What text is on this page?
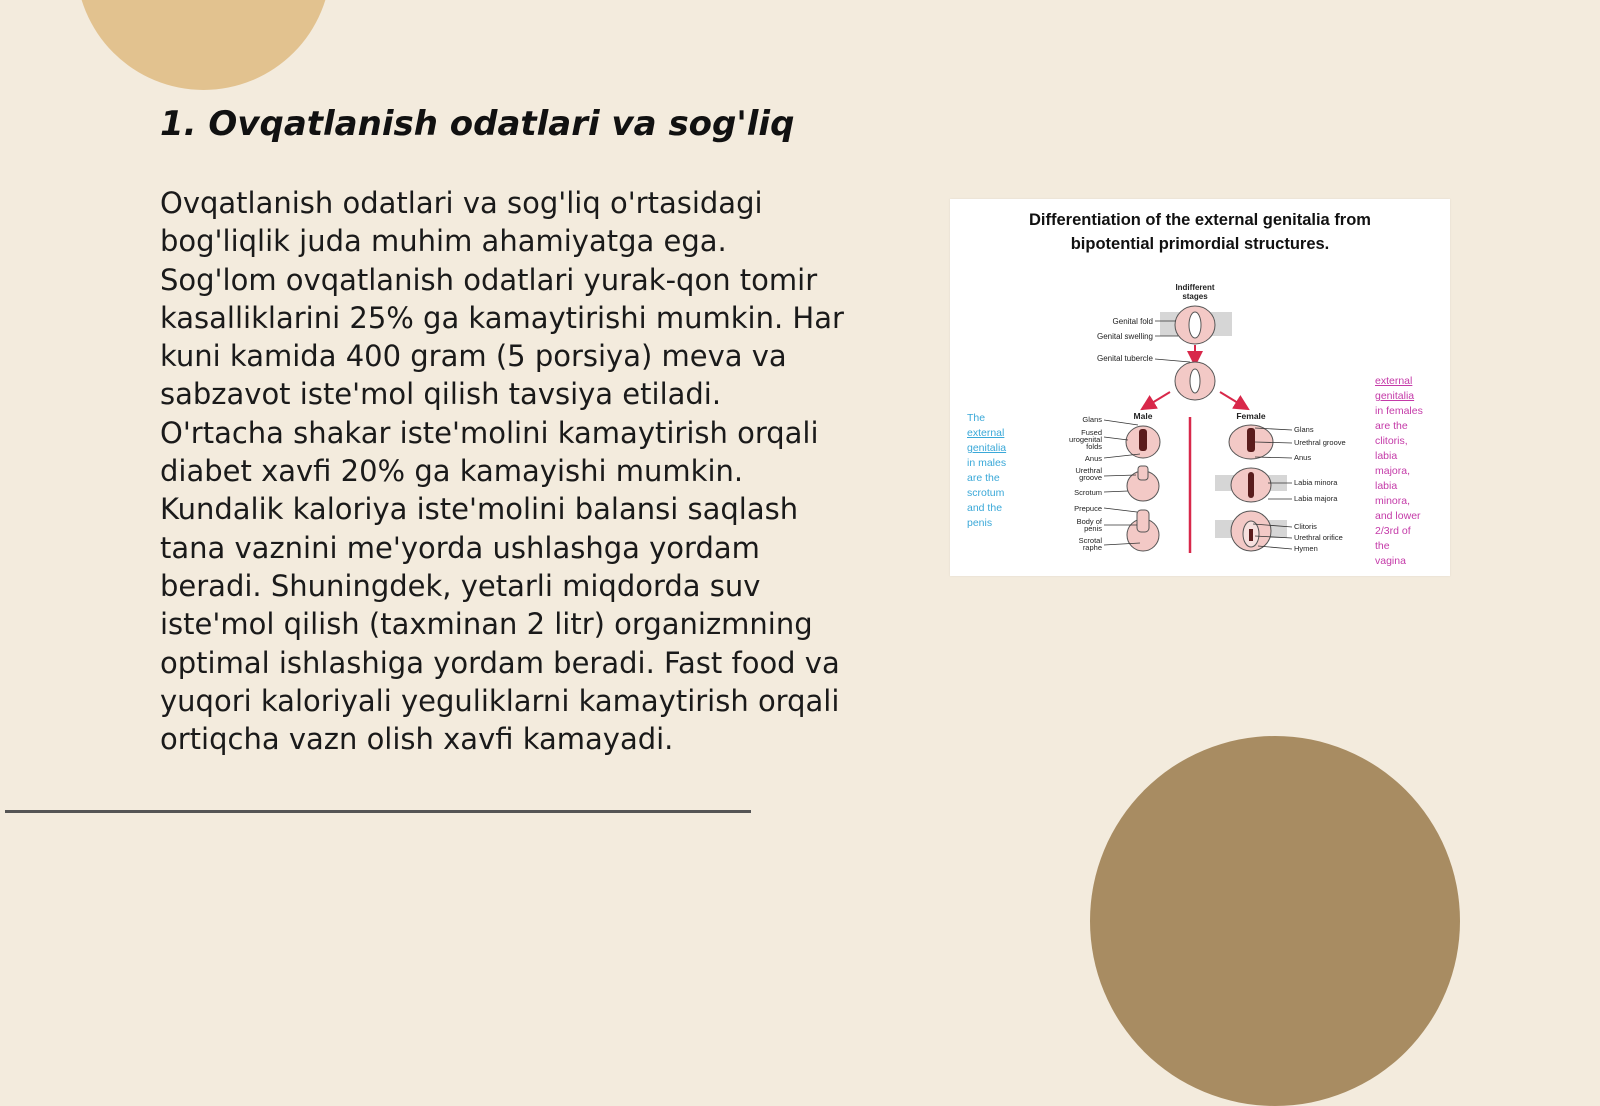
1. Ovqatlanish odatlari va sog'liq

Ovqatlanish odatlari va sog'liq o'rtasidagi bog'liqlik juda muhim ahamiyatga ega. Sog'lom ovqatlanish odatlari yurak-qon tomir kasalliklarini 25% ga kamaytirishi mumkin. Har kuni kamida 400 gram (5 porsiya) meva va sabzavot iste'mol qilish tavsiya etiladi. O'rtacha shakar iste'molini kamaytirish orqali diabet xavfi 20% ga kamayishi mumkin. Kundalik kaloriya iste'molini balansi saqlash tana vaznini me'yorda ushlashga yordam beradi. Shuningdek, yetarli miqdorda suv iste'mol qilish (taxminan 2 litr) organizmning optimal ishlashiga yordam beradi. Fast food va yuqori kaloriyali yeguliklarni kamaytirish orqali ortiqcha vazn olish xavfi kamayadi.

Differentiation of the external genitalia from
bipotential primordial structures.
Indifferent
stages
Genital fold
Genital swelling
Genital tubercle
Male
Glans
Fused
urogenital
folds
Anus
Urethral
groove
Scrotum
Prepuce
Body of
penis
Scrotal
raphe
Female
Glans
Urethral groove
Anus
Labia minora
Labia majora
Clitoris
Urethral orifice
Hymen
The
external
genitalia
in males
are the
scrotum
and the
penis
external
genitalia
in females
are the
clitoris,
labia
majora,
labia
minora,
and lower
2/3rd of
the
vagina
